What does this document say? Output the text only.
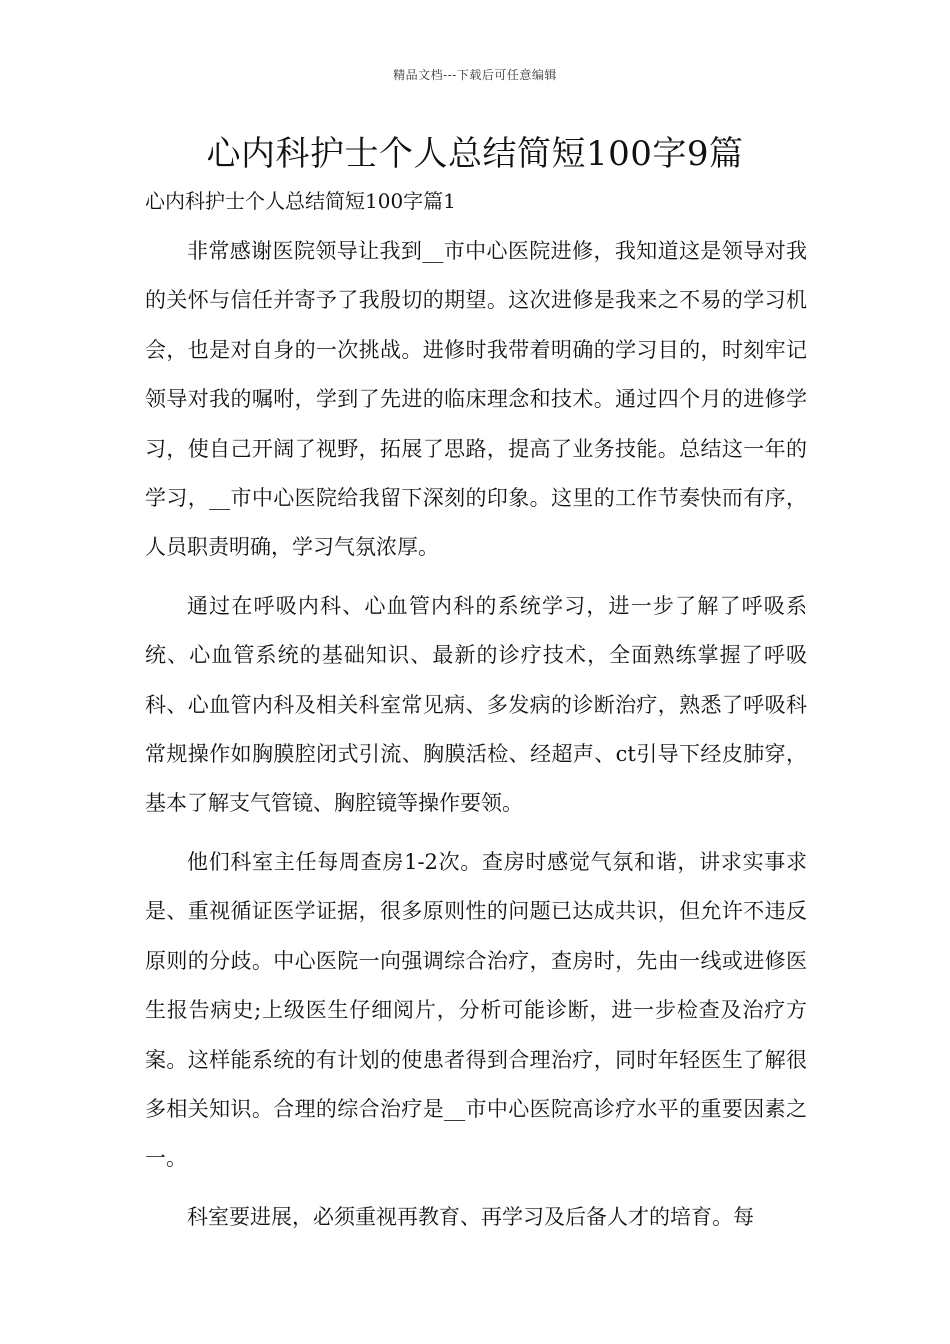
精品文档---下载后可任意编辑
心内科护士个人总结简短100字9篇
心内科护士个人总结简短100字篇1

非常感谢医院领导让我到__市中心医院进修，我知道这是领导对我的关怀与信任并寄予了我殷切的期望。这次进修是我来之不易的学习机会，也是对自身的一次挑战。进修时我带着明确的学习目的，时刻牢记领导对我的嘱咐，学到了先进的临床理念和技术。通过四个月的进修学习，使自己开阔了视野，拓展了思路，提高了业务技能。总结这一年的学习，__市中心医院给我留下深刻的印象。这里的工作节奏快而有序，人员职责明确，学习气氛浓厚。

通过在呼吸内科、心血管内科的系统学习，进一步了解了呼吸系统、心血管系统的基础知识、最新的诊疗技术，全面熟练掌握了呼吸科、心血管内科及相关科室常见病、多发病的诊断治疗，熟悉了呼吸科常规操作如胸膜腔闭式引流、胸膜活检、经超声、ct引导下经皮肺穿，基本了解支气管镜、胸腔镜等操作要领。

他们科室主任每周查房1-2次。查房时感觉气氛和谐，讲求实事求是、重视循证医学证据，很多原则性的问题已达成共识，但允许不违反原则的分歧。中心医院一向强调综合治疗，查房时，先由一线或进修医生报告病史;上级医生仔细阅片，分析可能诊断，进一步检查及治疗方案。这样能系统的有计划的使患者得到合理治疗，同时年轻医生了解很多相关知识。合理的综合治疗是__市中心医院高诊疗水平的重要因素之一。

科室要进展，必须重视再教育、再学习及后备人才的培育。每
